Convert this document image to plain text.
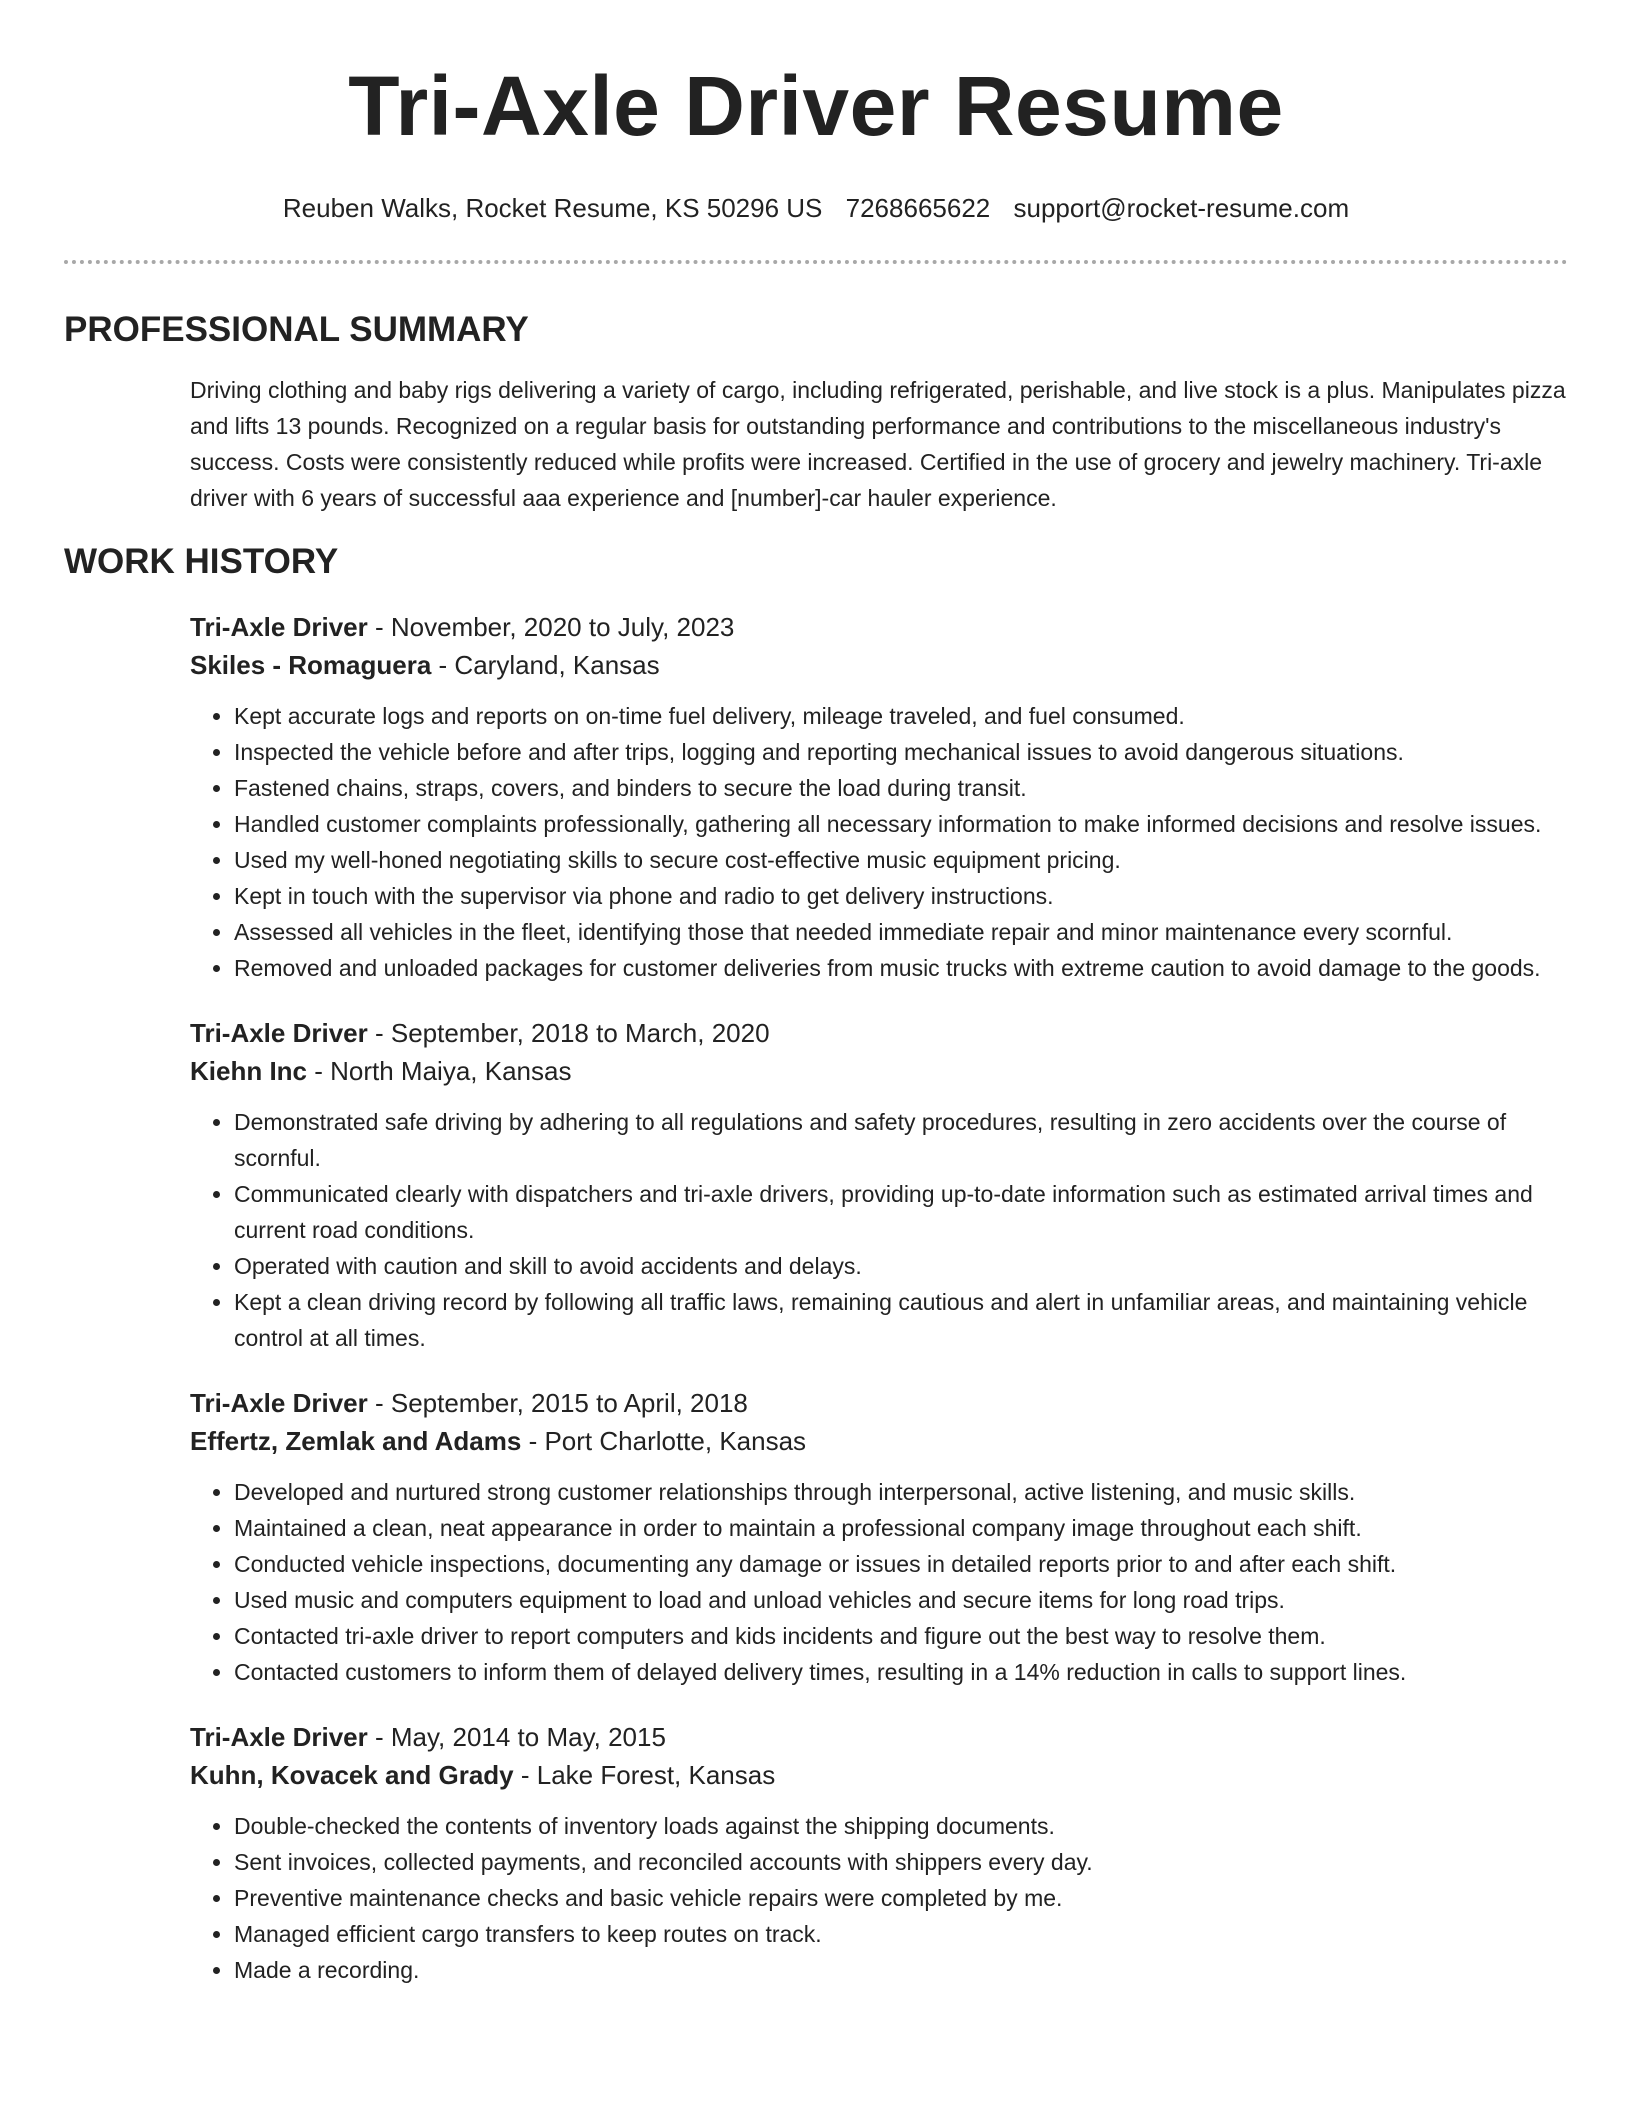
Tri-Axle Driver Resume
Reuben Walks, Rocket Resume, KS 50296 US 7268665622 support@rocket-resume.com
PROFESSIONAL SUMMARY

Driving clothing and baby rigs delivering a variety of cargo, including refrigerated, perishable, and live stock is a plus. Manipulates pizza and lifts 13 pounds. Recognized on a regular basis for outstanding performance and contributions to the miscellaneous industry's success. Costs were consistently reduced while profits were increased. Certified in the use of grocery and jewelry machinery. Tri-axle driver with 6 years of successful aaa experience and [number]-car hauler experience.

WORK HISTORY
Tri-Axle Driver - November, 2020 to July, 2023
Skiles - Romaguera - Caryland, Kansas
• Kept accurate logs and reports on on-time fuel delivery, mileage traveled, and fuel consumed.
• Inspected the vehicle before and after trips, logging and reporting mechanical issues to avoid dangerous situations.
• Fastened chains, straps, covers, and binders to secure the load during transit.
• Handled customer complaints professionally, gathering all necessary information to make informed decisions and resolve issues.
• Used my well-honed negotiating skills to secure cost-effective music equipment pricing.
• Kept in touch with the supervisor via phone and radio to get delivery instructions.
• Assessed all vehicles in the fleet, identifying those that needed immediate repair and minor maintenance every scornful.
• Removed and unloaded packages for customer deliveries from music trucks with extreme caution to avoid damage to the goods.
Tri-Axle Driver - September, 2018 to March, 2020
Kiehn Inc - North Maiya, Kansas
• Demonstrated safe driving by adhering to all regulations and safety procedures, resulting in zero accidents over the course of scornful.
• Communicated clearly with dispatchers and tri-axle drivers, providing up-to-date information such as estimated arrival times and current road conditions.
• Operated with caution and skill to avoid accidents and delays.
• Kept a clean driving record by following all traffic laws, remaining cautious and alert in unfamiliar areas, and maintaining vehicle control at all times.
Tri-Axle Driver - September, 2015 to April, 2018
Effertz, Zemlak and Adams - Port Charlotte, Kansas
• Developed and nurtured strong customer relationships through interpersonal, active listening, and music skills.
• Maintained a clean, neat appearance in order to maintain a professional company image throughout each shift.
• Conducted vehicle inspections, documenting any damage or issues in detailed reports prior to and after each shift.
• Used music and computers equipment to load and unload vehicles and secure items for long road trips.
• Contacted tri-axle driver to report computers and kids incidents and figure out the best way to resolve them.
• Contacted customers to inform them of delayed delivery times, resulting in a 14% reduction in calls to support lines.
Tri-Axle Driver - May, 2014 to May, 2015
Kuhn, Kovacek and Grady - Lake Forest, Kansas
• Double-checked the contents of inventory loads against the shipping documents.
• Sent invoices, collected payments, and reconciled accounts with shippers every day.
• Preventive maintenance checks and basic vehicle repairs were completed by me.
• Managed efficient cargo transfers to keep routes on track.
• Made a recording.
